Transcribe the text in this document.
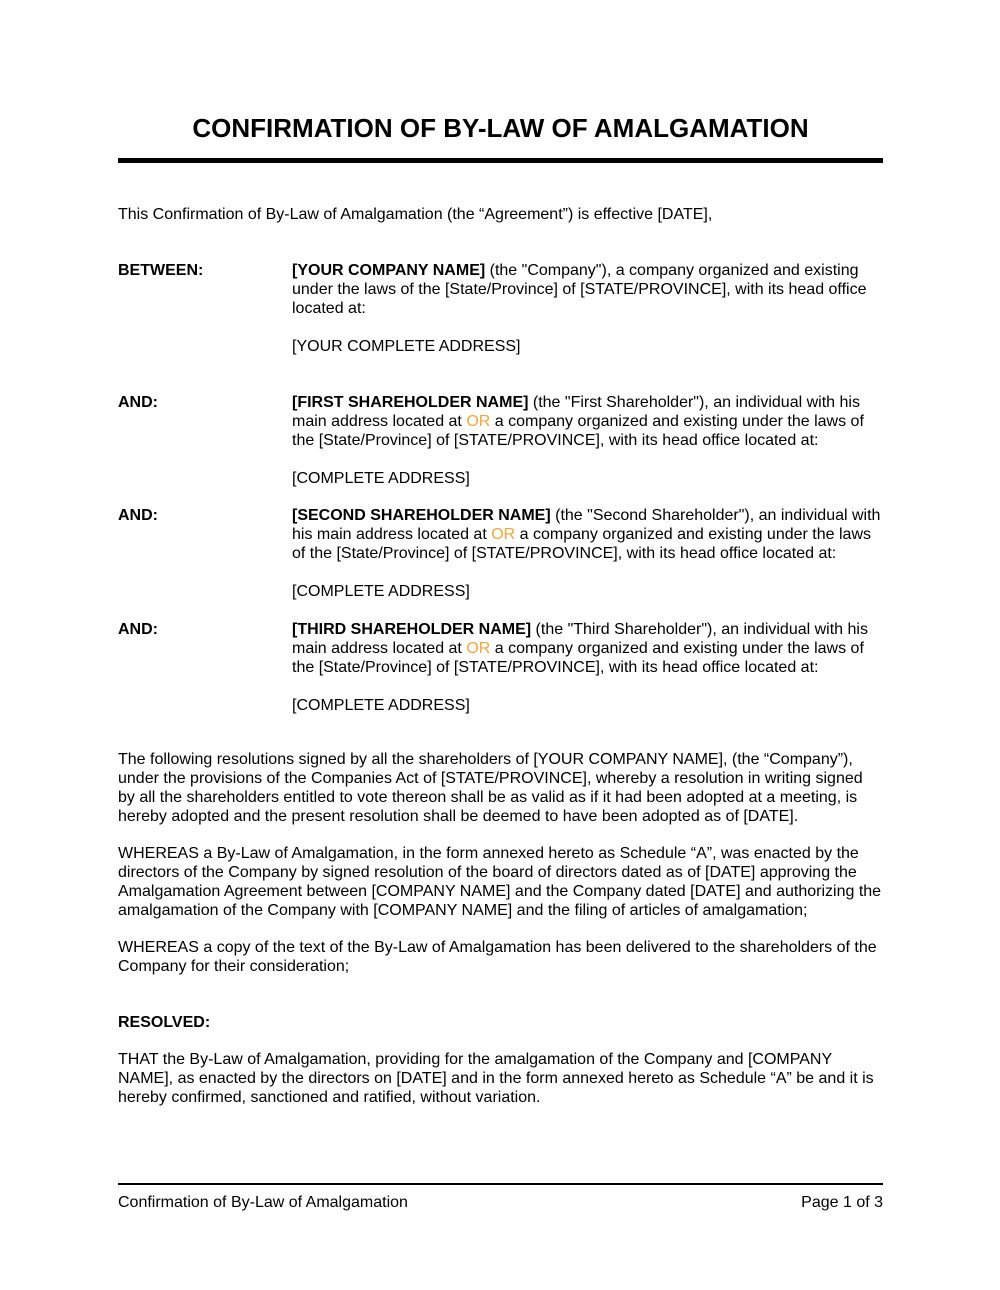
CONFIRMATION OF BY-LAW OF AMALGAMATION

This Confirmation of By-Law of Amalgamation (the “Agreement”) is effective [DATE],

BETWEEN:	[YOUR COMPANY NAME] (the "Company"), a company organized and existing under the laws of the [State/Province] of [STATE/PROVINCE], with its head office located at:

[YOUR COMPLETE ADDRESS]

AND:	[FIRST SHAREHOLDER NAME] (the "First Shareholder"), an individual with his main address located at OR a company organized and existing under the laws of the [State/Province] of [STATE/PROVINCE], with its head office located at:

[COMPLETE ADDRESS]

AND:	[SECOND SHAREHOLDER NAME] (the "Second Shareholder"), an individual with his main address located at OR a company organized and existing under the laws of the [State/Province] of [STATE/PROVINCE], with its head office located at:

[COMPLETE ADDRESS]

AND:	[THIRD SHAREHOLDER NAME] (the "Third Shareholder"), an individual with his main address located at OR a company organized and existing under the laws of the [State/Province] of [STATE/PROVINCE], with its head office located at:

[COMPLETE ADDRESS]

The following resolutions signed by all the shareholders of [YOUR COMPANY NAME], (the “Company”), under the provisions of the Companies Act of [STATE/PROVINCE], whereby a resolution in writing signed by all the shareholders entitled to vote thereon shall be as valid as if it had been adopted at a meeting, is hereby adopted and the present resolution shall be deemed to have been adopted as of [DATE].

WHEREAS a By-Law of Amalgamation, in the form annexed hereto as Schedule “A”, was enacted by the directors of the Company by signed resolution of the board of directors dated as of [DATE] approving the Amalgamation Agreement between [COMPANY NAME] and the Company dated [DATE] and authorizing the amalgamation of the Company with [COMPANY NAME] and the filing of articles of amalgamation;

WHEREAS a copy of the text of the By-Law of Amalgamation has been delivered to the shareholders of the Company for their consideration;

RESOLVED:

THAT the By-Law of Amalgamation, providing for the amalgamation of the Company and [COMPANY NAME], as enacted by the directors on [DATE] and in the form annexed hereto as Schedule “A” be and it is hereby confirmed, sanctioned and ratified, without variation.

Confirmation of By-Law of Amalgamation	Page 1 of 3
